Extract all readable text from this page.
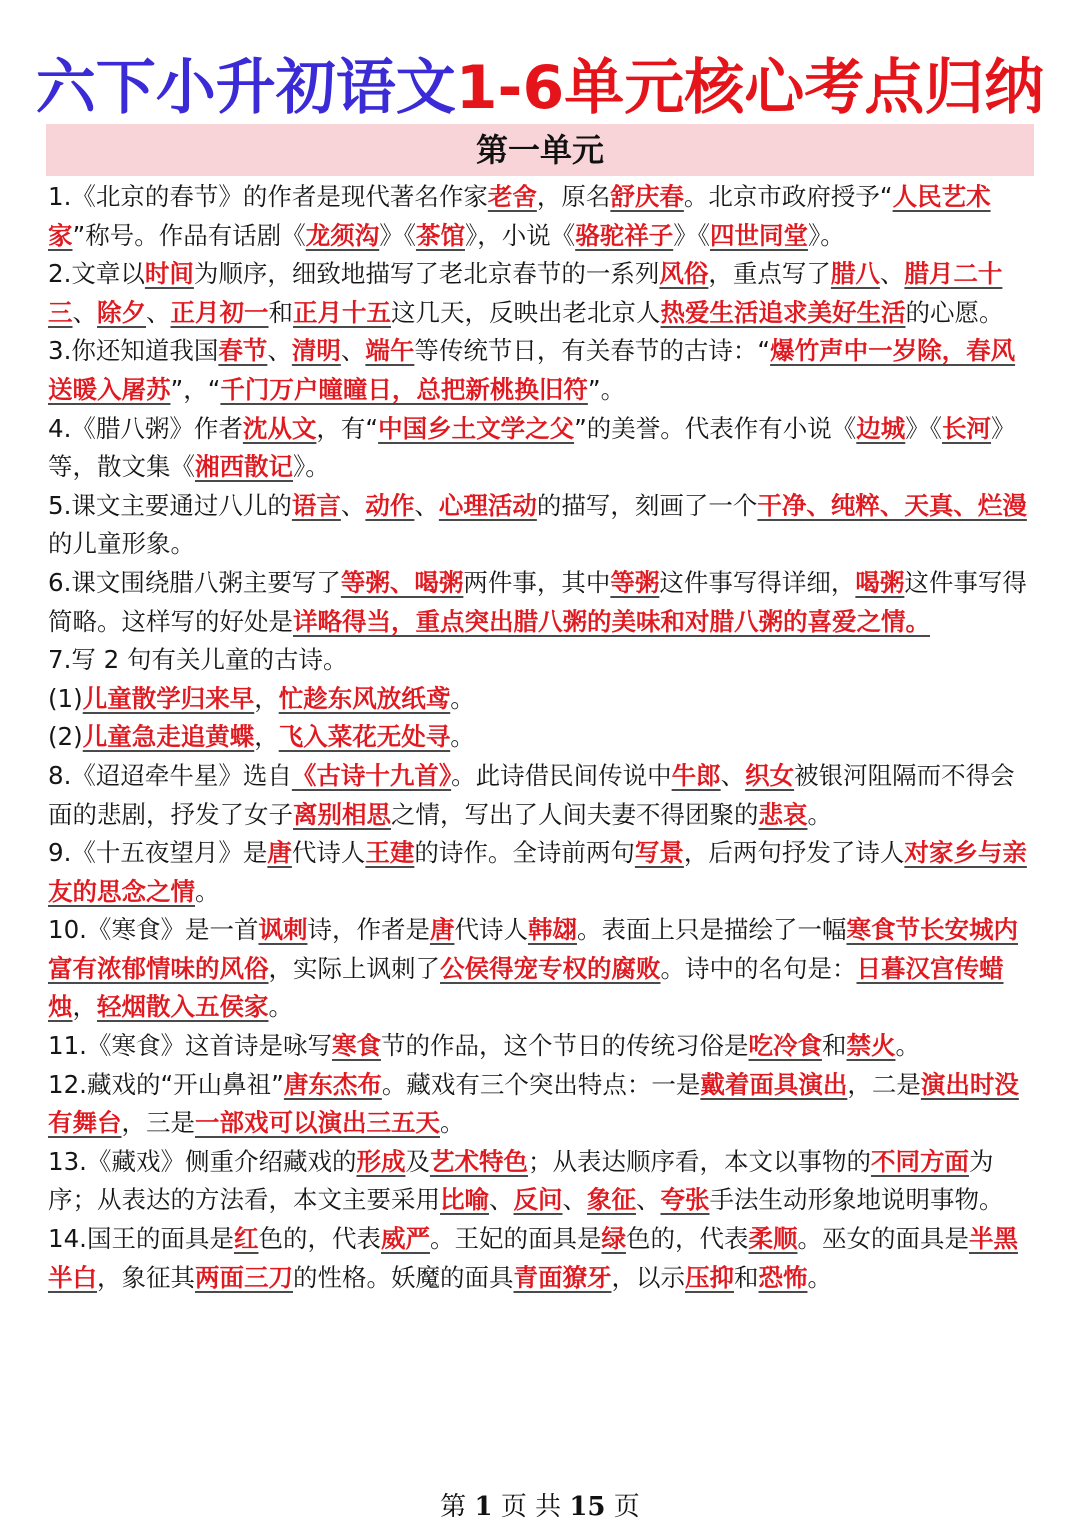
六下小升初语文1-6单元核心考点归纳
第一单元

1.《北京的春节》的作者是现代著名作家老舍，原名舒庆春。北京市政府授予“人民艺术家”称号。作品有话剧《龙须沟》《茶馆》，小说《骆驼祥子》《四世同堂》。

2.文章以时间为顺序，细致地描写了老北京春节的一系列风俗，重点写了腊八、腊月二十三、除夕、正月初一和正月十五这几天，反映出老北京人热爱生活追求美好生活的心愿。

3.你还知道我国春节、清明、端午等传统节日，有关春节的古诗：“爆竹声中一岁除，春风送暖入屠苏”，“千门万户曈曈日，总把新桃换旧符”。

4.《腊八粥》作者沈从文，有“中国乡土文学之父”的美誉。代表作有小说《边城》《长河》等，散文集《湘西散记》。

5.课文主要通过八儿的语言、动作、心理活动的描写，刻画了一个干净、纯粹、天真、烂漫的儿童形象。

6.课文围绕腊八粥主要写了等粥、喝粥两件事，其中等粥这件事写得详细，喝粥这件事写得简略。这样写的好处是详略得当，重点突出腊八粥的美味和对腊八粥的喜爱之情。

7.写 2 句有关儿童的古诗。

(1)儿童散学归来早，忙趁东风放纸鸢。

(2)儿童急走追黄蝶，飞入菜花无处寻。

8.《迢迢牵牛星》选自《古诗十九首》。此诗借民间传说中牛郎、织女被银河阻隔而不得会面的悲剧，抒发了女子离别相思之情，写出了人间夫妻不得团聚的悲哀。

9.《十五夜望月》是唐代诗人王建的诗作。全诗前两句写景，后两句抒发了诗人对家乡与亲友的思念之情。

10.《寒食》是一首讽刺诗，作者是唐代诗人韩翃。表面上只是描绘了一幅寒食节长安城内富有浓郁情味的风俗，实际上讽刺了公侯得宠专权的腐败。诗中的名句是：日暮汉宫传蜡烛，轻烟散入五侯家。

11.《寒食》这首诗是咏写寒食节的作品，这个节日的传统习俗是吃冷食和禁火。

12.藏戏的“开山鼻祖”唐东杰布。藏戏有三个突出特点：一是戴着面具演出，二是演出时没有舞台，三是一部戏可以演出三五天。

13.《藏戏》侧重介绍藏戏的形成及艺术特色；从表达顺序看，本文以事物的不同方面为序；从表达的方法看，本文主要采用比喻、反问、象征、夸张手法生动形象地说明事物。

14.国王的面具是红色的，代表威严。王妃的面具是绿色的，代表柔顺。巫女的面具是半黑半白，象征其两面三刀的性格。妖魔的面具青面獠牙，以示压抑和恐怖。

第 1 页 共 15 页
